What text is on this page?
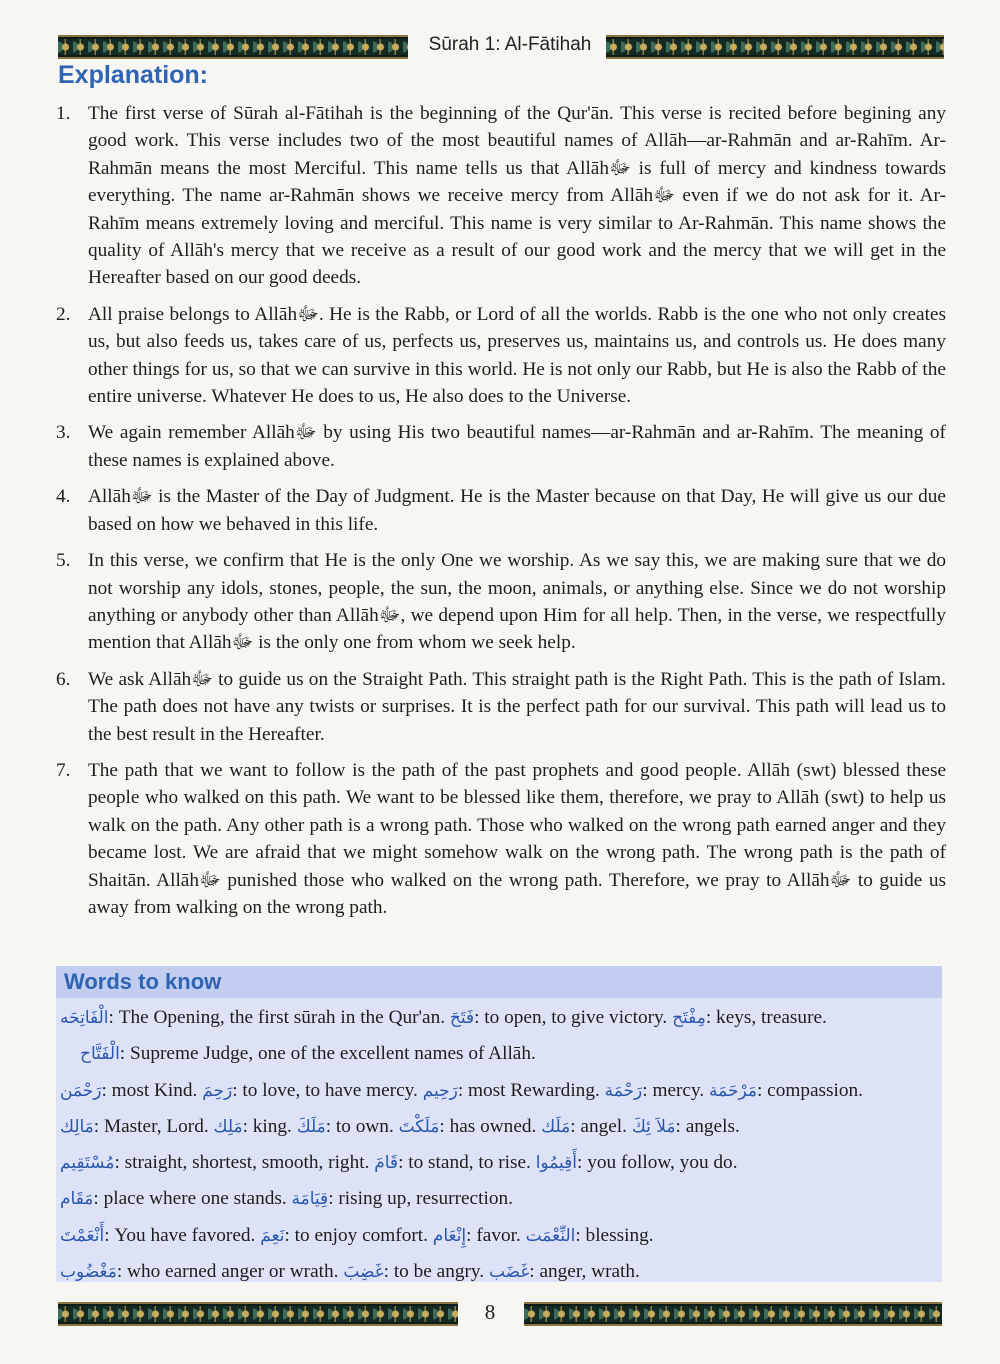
Sūrah 1: Al-Fātihah
Explanation:
1. The first verse of Sūrah al-Fātihah is the beginning of the Qur'ān. This verse is recited before begining any good work. This verse includes two of the most beautiful names of Allāh—ar-Rahmān and ar-Rahīm. Ar-Rahmān means the most Merciful. This name tells us that Allāhﷻ is full of mercy and kindness towards everything. The name ar-Rahmān shows we receive mercy from Allāhﷻ even if we do not ask for it. Ar-Rahīm means extremely loving and merciful. This name is very similar to Ar-Rahmān. This name shows the quality of Allāh's mercy that we receive as a result of our good work and the mercy that we will get in the Hereafter based on our good deeds.
2. All praise belongs to Allāhﷻ. He is the Rabb, or Lord of all the worlds. Rabb is the one who not only creates us, but also feeds us, takes care of us, perfects us, preserves us, maintains us, and controls us. He does many other things for us, so that we can survive in this world. He is not only our Rabb, but He is also the Rabb of the entire universe. Whatever He does to us, He also does to the Universe.
3. We again remember Allāhﷻ by using His two beautiful names—ar-Rahmān and ar-Rahīm. The meaning of these names is explained above.
4. Allāhﷻ is the Master of the Day of Judgment. He is the Master because on that Day, He will give us our due based on how we behaved in this life.
5. In this verse, we confirm that He is the only One we worship. As we say this, we are making sure that we do not worship any idols, stones, people, the sun, the moon, animals, or anything else. Since we do not worship anything or anybody other than Allāhﷻ, we depend upon Him for all help. Then, in the verse, we respectfully mention that Allāhﷻ is the only one from whom we seek help.
6. We ask Allāhﷻ to guide us on the Straight Path. This straight path is the Right Path. This is the path of Islam. The path does not have any twists or surprises. It is the perfect path for our survival. This path will lead us to the best result in the Hereafter.
7. The path that we want to follow is the path of the past prophets and good people. Allāh (swt) blessed these people who walked on this path. We want to be blessed like them, therefore, we pray to Allāh (swt) to help us walk on the path. Any other path is a wrong path. Those who walked on the wrong path earned anger and they became lost. We are afraid that we might somehow walk on the wrong path. The wrong path is the path of Shaitān. Allāhﷻ punished those who walked on the wrong path. Therefore, we pray to Allāhﷻ to guide us away from walking on the wrong path.
Words to know
الْفَاتِحَه: The Opening, the first sūrah in the Qur'an. فَتَحَ: to open, to give victory. مِفْتَح: keys, treasure.
الْفَتَّاح: Supreme Judge, one of the excellent names of Allāh.
رَحْمَن: most Kind. رَحِمَ: to love, to have mercy. رَحِيم: most Rewarding. رَحْمَة: mercy. مَرْحَمَة: compassion.
مَالِك: Master, Lord. مَلِك: king. مَلَكَ: to own. مَلَكْتَ: has owned. مَلَك: angel. مَلاَ ئِكَ: angels.
مُسْتَقِيم: straight, shortest, smooth, right. قَامَ: to stand, to rise. أَقِيمُوا: you follow, you do.
مَقَام: place where one stands. قِيَامَة: rising up, resurrection.
أَنْعَمْتَ: You have favored. نَعِمَ: to enjoy comfort. إِنْعَام: favor. النِّعْمَت: blessing.
مَغْضُوب: who earned anger or wrath. غَضِبَ: to be angry. غَضَب: anger, wrath.
8
